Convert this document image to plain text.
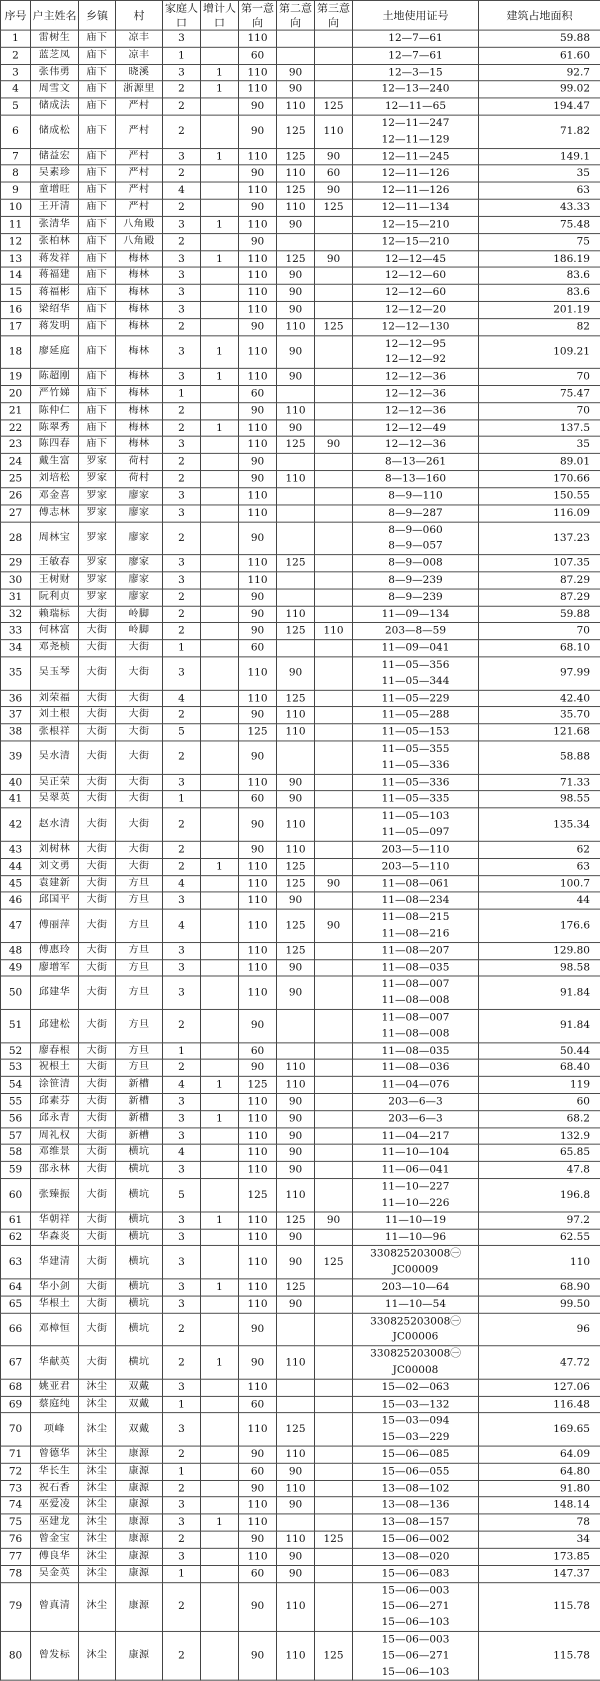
序号	户主姓名	乡镇	村	家庭人口	增计人口	第一意向	第二意向	第三意向	土地使用证号	建筑占地面积
1	雷树生	庙下	凉丰	3		110			12—7—61	59.88
2	蓝芝凤	庙下	凉丰	1		60			12—7—61	61.60
3	张伟勇	庙下	晓溪	3	1	110	90		12—3—15	92.7
4	周雪文	庙下	浙源里	2	1	110	90		12—13—240	99.02
5	储成法	庙下	严村	2		90	110	125	12—11—65	194.47
6	储成松	庙下	严村	2		90	125	110	12—11—247
12—11—129	71.82
7	储益宏	庙下	严村	3	1	110	125	90	12—11—245	149.1
8	吴素珍	庙下	严村	2		90	110	60	12—11—126	35
9	童增旺	庙下	严村	4		110	125	90	12—11—126	63
10	王开清	庙下	严村	2		90	110	125	12—11—134	43.33
11	张清华	庙下	八角殿	3	1	110	90		12—15—210	75.48
12	张柏林	庙下	八角殿	2		90			12—15—210	75
13	蒋发祥	庙下	梅林	3	1	110	125	90	12—12—45	186.19
14	蒋福建	庙下	梅林	3		110	90		12—12—60	83.6
15	蒋福彬	庙下	梅林	3		110	90		12—12—60	83.6
16	梁绍华	庙下	梅林	3		110	90		12—12—20	201.19
17	蒋发明	庙下	梅林	2		90	110	125	12—12—130	82
18	廖延庭	庙下	梅林	3	1	110	90		12—12—95
12—12—92	109.21
19	陈超刚	庙下	梅林	3	1	110	90		12—12—36	70
20	严竹娣	庙下	梅林	1		60			12—12—36	75.47
21	陈仲仁	庙下	梅林	2		90	110		12—12—36	70
22	陈翠秀	庙下	梅林	2	1	110	90		12—12—49	137.5
23	陈四春	庙下	梅林	3		110	125	90	12—12—36	35
24	戴生富	罗家	荷村	2		90			8—13—261	89.01
25	刘培松	罗家	荷村	2		90	110		8—13—160	170.66
26	邓金喜	罗家	廖家	3		110			8—9—110	150.55
27	傅志林	罗家	廖家	3		110			8—9—287	116.09
28	周林宝	罗家	廖家	2		90			8—9—060
8—9—057	137.23
29	王敏春	罗家	廖家	3		110	125		8—9—008	107.35
30	王树财	罗家	廖家	3		110			8—9—239	87.29
31	阮利贞	罗家	廖家	2		90			8—9—239	87.29
32	赖瑞标	大街	岭脚	2		90	110		11—09—134	59.88
33	何林富	大街	岭脚	2		90	125	110	203—8—59	70
34	邓尧桢	大街	大街	1		60			11—09—041	68.10
35	吴玉琴	大街	大街	3		110	90		11—05—356
11—05—344	97.99
36	刘荣福	大街	大街	4		110	125		11—05—229	42.40
37	刘土根	大街	大街	2		90	110		11—05—288	35.70
38	张根祥	大街	大街	5		125	110		11—05—153	121.68
39	吴水清	大街	大街	2		90			11—05—355
11—05—336	58.88
40	吴正荣	大街	大街	3		110	90		11—05—336	71.33
41	吴翠英	大街	大街	1		60	90		11—05—335	98.55
42	赵水清	大街	大街	2		90	110		11—05—103
11—05—097	135.34
43	刘树林	大街	大街	2		90	110		203—5—110	62
44	刘文勇	大街	大街	2	1	110	125		203—5—110	63
45	袁建新	大街	方旦	4		110	125	90	11—08—061	100.7
46	邱国平	大街	方旦	3		110	90		11—08—234	44
47	傅丽萍	大街	方旦	4		110	125	90	11—08—215
11—08—216	176.6
48	傅惠玲	大街	方旦	3		110	125		11—08—207	129.80
49	廖增军	大街	方旦	3		110	90		11—08—035	98.58
50	邱建华	大街	方旦	3		110	90		11—08—007
11—08—008	91.84
51	邱建松	大街	方旦	2		90			11—08—007
11—08—008	91.84
52	廖春根	大街	方旦	1		60			11—08—035	50.44
53	祝根土	大街	方旦	2		90	110		11—08—036	68.40
54	涂笹清	大街	新槽	4	1	125	110		11—04—076	119
55	邱素芬	大街	新槽	3		110	90		203—6—3	60
56	邱永青	大街	新槽	3	1	110	90		203—6—3	68.2
57	周礼权	大街	新槽	3		110	90		11—04—217	132.9
58	邓维景	大街	横坑	4		110	90		11—10—104	65.85
59	邵永林	大街	横坑	3		110	90		11—06—041	47.8
60	张臻振	大街	横坑	5		125	110		11—10—227
11—10—226	196.8
61	华朝祥	大街	横坑	3	1	110	125	90	11—10—19	97.2
62	华森炎	大街	横坑	3		110	90		11—10—96	62.55
63	华建清	大街	横坑	3		110	90	125	330825203008㊀
JC00009	110
64	华小剑	大街	横坑	3	1	110	125		203—10—64	68.90
65	华根土	大街	横坑	3		110	90		11—10—54	99.50
66	邓樟恒	大街	横坑	2		90			330825203008㊀
JC00006	96
67	华献英	大街	横坑	2	1	90	110		330825203008㊀
JC00008	47.72
68	姚亚君	沐尘	双戴	3		110			15—02—063	127.06
69	蔡庭纯	沐尘	双戴	1		60			15—03—132	116.48
70	项峰	沐尘	双戴	3		110	125		15—03—094
15—03—229	169.65
71	曾德华	沐尘	康源	2		90	110		15—06—085	64.09
72	华长生	沐尘	康源	1		60	90		15—06—055	64.80
73	祝石香	沐尘	康源	2		90	110		13—08—102	91.80
74	巫爱凌	沐尘	康源	3		110	90		13—08—136	148.14
75	巫建龙	沐尘	康源	3	1	110			13—08—157	78
76	曾金宝	沐尘	康源	2		90	110	125	15—06—002	34
77	傅良华	沐尘	康源	3		110	90		13—08—020	173.85
78	吴金英	沐尘	康源	1		60	90		15—06—083	147.37
79	曾真清	沐尘	康源	2		90	110		15—06—003
15—06—271
15—06—103	115.78
80	曾发标	沐尘	康源	2		90	110	125	15—06—003
15—06—271
15—06—103	115.78
